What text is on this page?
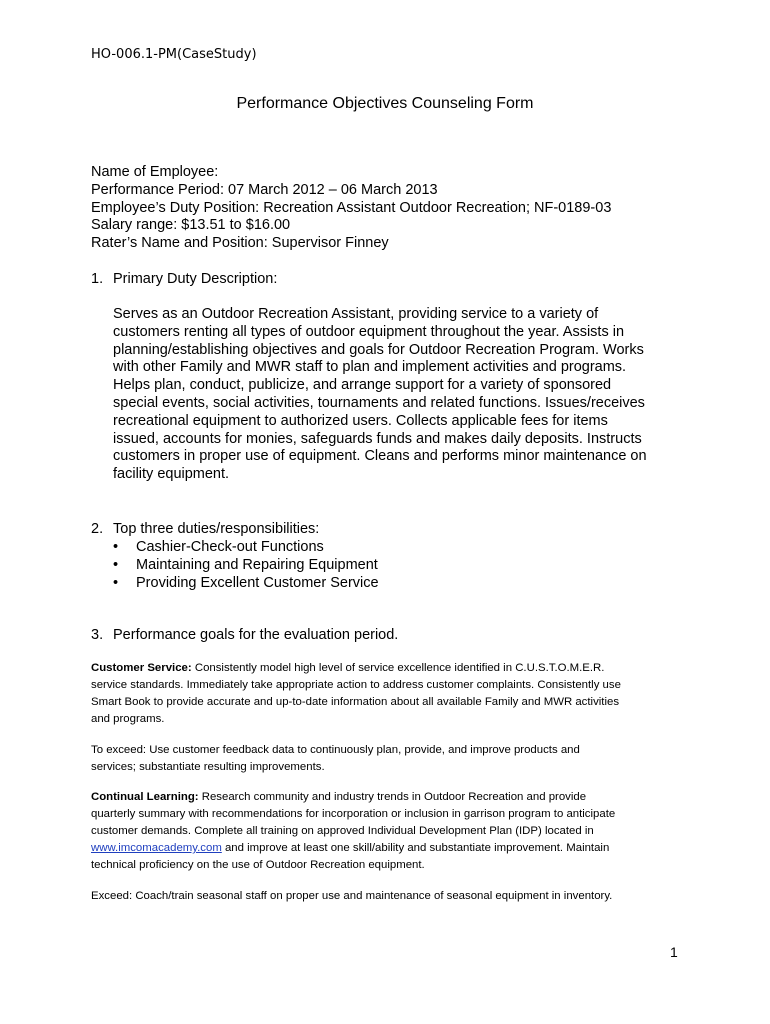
HO-006.1-PM(CaseStudy)
Performance Objectives Counseling Form
Name of Employee:
Performance Period: 07 March 2012 – 06 March 2013
Employee’s Duty Position: Recreation Assistant Outdoor Recreation; NF-0189-03
Salary range: $13.51 to $16.00
Rater’s Name and Position: Supervisor Finney
1. Primary Duty Description:
Serves as an Outdoor Recreation Assistant, providing service to a variety of
customers renting all types of outdoor equipment throughout the year. Assists in
planning/establishing objectives and goals for Outdoor Recreation Program. Works
with other Family and MWR staff to plan and implement activities and programs.
Helps plan, conduct, publicize, and arrange support for a variety of sponsored
special events, social activities, tournaments and related functions. Issues/receives
recreational equipment to authorized users. Collects applicable fees for items
issued, accounts for monies, safeguards funds and makes daily deposits. Instructs
customers in proper use of equipment. Cleans and performs minor maintenance on
facility equipment.
2. Top three duties/responsibilities:
• Cashier-Check-out Functions
• Maintaining and Repairing Equipment
• Providing Excellent Customer Service
3. Performance goals for the evaluation period.
Customer Service: Consistently model high level of service excellence identified in C.U.S.T.O.M.E.R.
service standards. Immediately take appropriate action to address customer complaints. Consistently use
Smart Book to provide accurate and up-to-date information about all available Family and MWR activities
and programs.
To exceed: Use customer feedback data to continuously plan, provide, and improve products and
services; substantiate resulting improvements.
Continual Learning: Research community and industry trends in Outdoor Recreation and provide
quarterly summary with recommendations for incorporation or inclusion in garrison program to anticipate
customer demands. Complete all training on approved Individual Development Plan (IDP) located in
www.imcomacademy.com and improve at least one skill/ability and substantiate improvement. Maintain
technical proficiency on the use of Outdoor Recreation equipment.
Exceed: Coach/train seasonal staff on proper use and maintenance of seasonal equipment in inventory.
1
